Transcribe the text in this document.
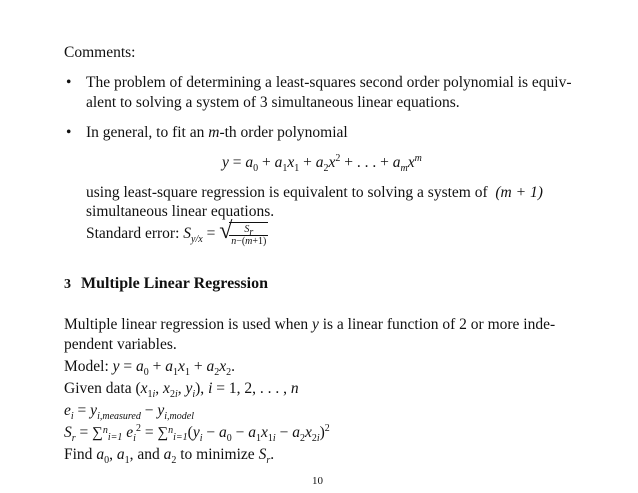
Comments:
• The problem of determining a least-squares second order polynomial is equiv-
alent to solving a system of 3 simultaneous linear equations.
• In general, to fit an m-th order polynomial
$y = a_0 + a_1x_1 + a_2x^2$ + . . . + $a_mx^m$
using least-square regression is equivalent to solving a system of (m + 1)
simultaneous linear equations.
Standard error: $S_{y/x}$ = √
$\frac{S_r}{n-(m+1)}$
3 Multiple Linear Regression
Multiple linear regression is used when y is a linear function of 2 or more inde-
pendent variables.
Model: $y = a_0 + a_1x_1 + a_2x_2$.
Given data ($x_{1i}$, $x_{2i}$, $y_i$), i = 1, 2, . . . , n
$e_i = y_{i,measured} - y_{i,model}$
$S_r = \sum^n_{i=1}$ $e_i^2 = \sum^n_{i=1}(y_i - a_0 - a_1x_{1i} - a_2x_{2i})^2$
Find $a_0$, $a_1$, and $a_2$ to minimize $S_r$.
10
